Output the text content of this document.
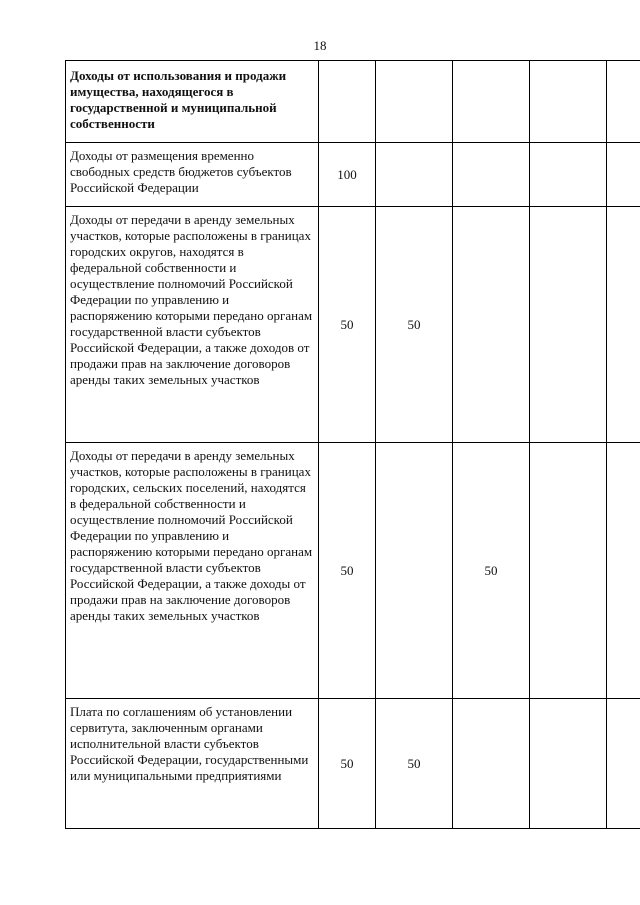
18
Доходы от использования и продажи имущества, находящегося в государственной и муниципальной собственности					
Доходы от размещения временно свободных средств бюджетов субъектов Российской Федерации	100				
Доходы от передачи в аренду земельных участков, которые расположены в границах городских округов, находятся в федеральной собственности и осуществление полномочий Российской Федерации по управлению и распоряжению которыми передано органам государственной власти субъектов Российской Федерации, а также доходов от продажи прав на заключение договоров аренды таких земельных участков	50	50			
Доходы от передачи в аренду земельных участков, которые расположены в границах городских, сельских поселений, находятся в федеральной собственности и осуществление полномочий Российской Федерации по управлению и распоряжению которыми передано органам государственной власти субъектов Российской Федерации, а также доходы от продажи прав на заключение договоров аренды таких земельных участков	50		50		
Плата по соглашениям об установлении сервитута, заключенным органами исполнительной власти субъектов Российской Федерации, государственными или муниципальными предприятиями	50	50			
